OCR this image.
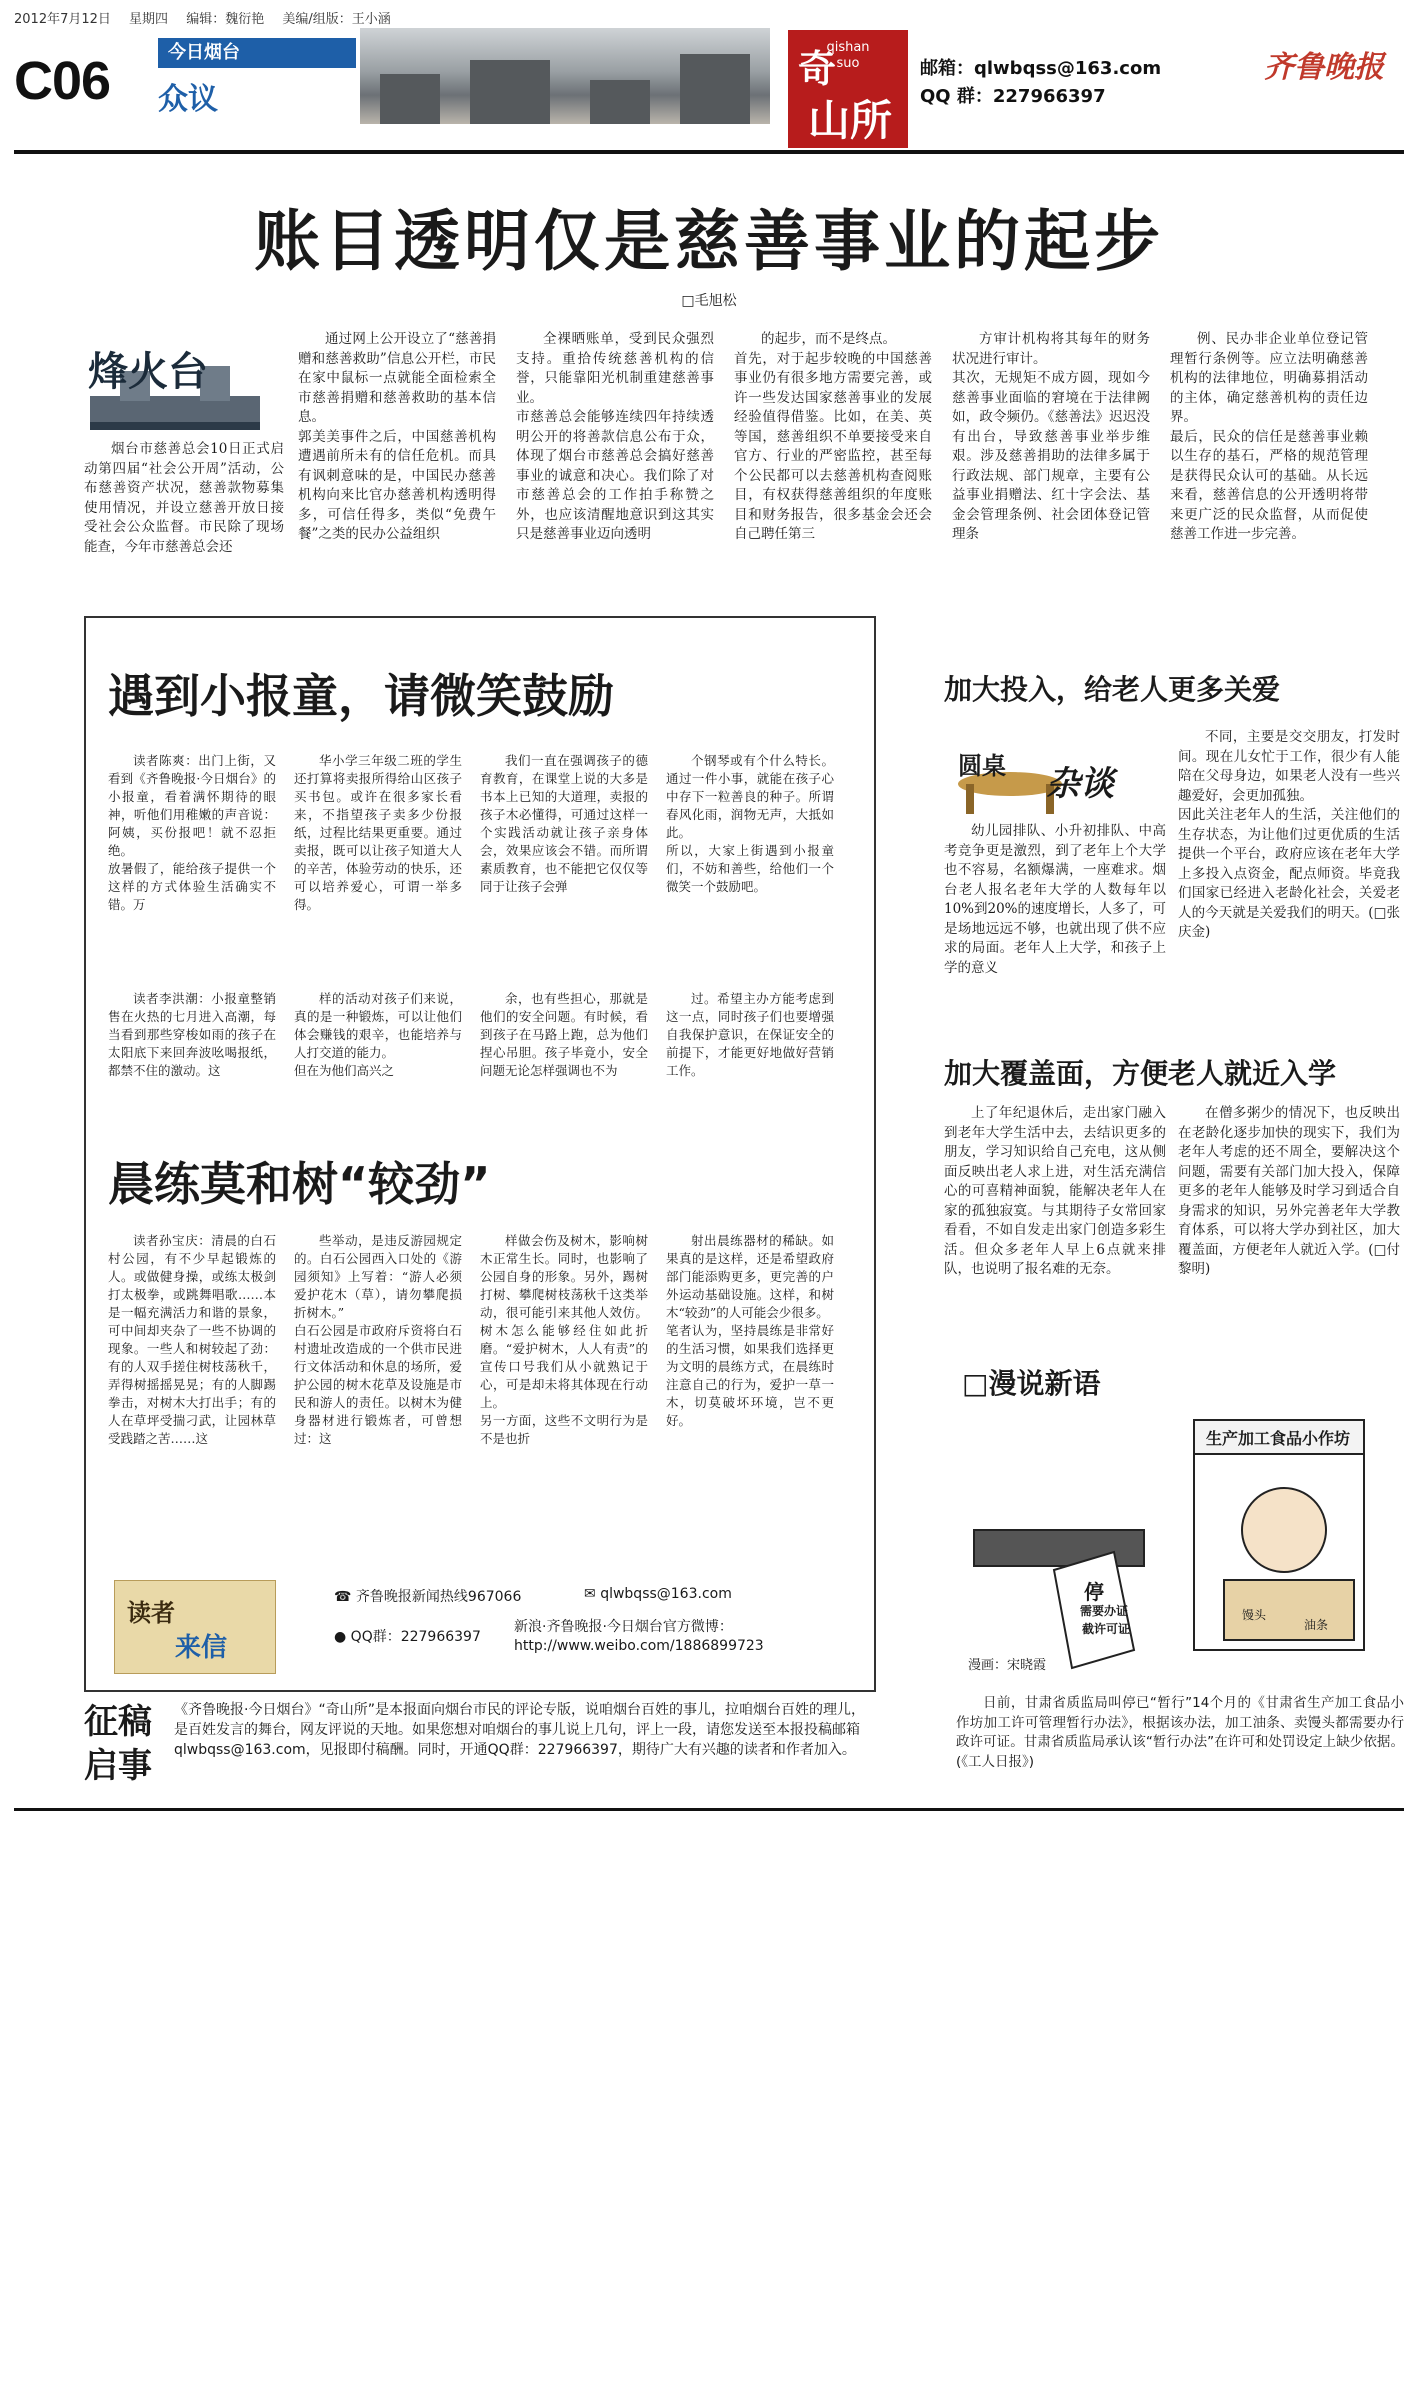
2012年7月12日 星期四 编辑：魏衍艳 美编/组版：王小涵
C06	今日烟台
众议
qishan
suo
奇
山所
邮箱：qlwbqss@163.com
QQ 群：227966397
齐鲁晚报
账目透明仅是慈善事业的起步
□毛旭松
烽火台

烟台市慈善总会10日正式启动第四届“社会公开周”活动，公布慈善资产状况，慈善款物募集使用情况，并设立慈善开放日接受社会公众监督。市民除了现场能查，今年市慈善总会还

通过网上公开设立了“慈善捐赠和慈善救助”信息公开栏，市民在家中鼠标一点就能全面检索全市慈善捐赠和慈善救助的基本信息。
郭美美事件之后，中国慈善机构遭遇前所未有的信任危机。而具有讽刺意味的是，中国民办慈善机构向来比官办慈善机构透明得多，可信任得多，类似“免费午餐”之类的民办公益组织

全裸晒账单，受到民众强烈支持。重拾传统慈善机构的信誉，只能靠阳光机制重建慈善事业。
市慈善总会能够连续四年持续透明公开的将善款信息公布于众，体现了烟台市慈善总会搞好慈善事业的诚意和决心。我们除了对市慈善总会的工作拍手称赞之外，也应该清醒地意识到这其实只是慈善事业迈向透明

的起步，而不是终点。
首先，对于起步较晚的中国慈善事业仍有很多地方需要完善，或许一些发达国家慈善事业的发展经验值得借鉴。比如，在美、英等国，慈善组织不单要接受来自官方、行业的严密监控，甚至每个公民都可以去慈善机构查阅账目，有权获得慈善组织的年度账目和财务报告，很多基金会还会自己聘任第三

方审计机构将其每年的财务状况进行审计。
其次，无规矩不成方圆，现如今慈善事业面临的窘境在于法律阙如，政令频仍。《慈善法》迟迟没有出台，导致慈善事业举步维艰。涉及慈善捐助的法律多属于行政法规、部门规章，主要有公益事业捐赠法、红十字会法、基金会管理条例、社会团体登记管理条

例、民办非企业单位登记管理暂行条例等。应立法明确慈善机构的法律地位，明确募捐活动的主体，确定慈善机构的责任边界。
最后，民众的信任是慈善事业赖以生存的基石，严格的规范管理是获得民众认可的基础。从长远来看，慈善信息的公开透明将带来更广泛的民众监督，从而促使慈善工作进一步完善。

遇到小报童，请微笑鼓励

读者陈爽：出门上街，又看到《齐鲁晚报·今日烟台》的小报童，看着满怀期待的眼神，听他们用稚嫩的声音说：阿姨，买份报吧！就不忍拒绝。
放暑假了，能给孩子提供一个这样的方式体验生活确实不错。万

华小学三年级二班的学生还打算将卖报所得给山区孩子买书包。或许在很多家长看来，不指望孩子卖多少份报纸，过程比结果更重要。通过卖报，既可以让孩子知道大人的辛苦，体验劳动的快乐，还可以培养爱心，可谓一举多得。

我们一直在强调孩子的德育教育，在课堂上说的大多是书本上已知的大道理，卖报的孩子木必懂得，可通过这样一个实践活动就让孩子亲身体会，效果应该会不错。而所谓素质教育，也不能把它仅仅等同于让孩子会弹

个钢琴或有个什么特长。通过一件小事，就能在孩子心中存下一粒善良的种子。所谓春风化雨，润物无声，大抵如此。
所以，大家上街遇到小报童们，不妨和善些，给他们一个微笑一个鼓励吧。

读者李洪潮：小报童整销售在火热的七月进入高潮，每当看到那些穿梭如雨的孩子在太阳底下来回奔波吆喝报纸，都禁不住的激动。这

样的活动对孩子们来说，真的是一种锻炼，可以让他们体会赚钱的艰辛，也能培养与人打交道的能力。
但在为他们高兴之

余，也有些担心，那就是他们的安全问题。有时候，看到孩子在马路上跑，总为他们捏心吊胆。孩子毕竟小，安全问题无论怎样强调也不为

过。希望主办方能考虑到这一点，同时孩子们也要增强自我保护意识，在保证安全的前提下，才能更好地做好营销工作。

晨练莫和树“较劲”

读者孙宝庆：清晨的白石村公园，有不少早起锻炼的人。或做健身操，或练太极剑打太极拳，或跳舞唱歌……本是一幅充满活力和谐的景象，可中间却夹杂了一些不协调的现象。一些人和树较起了劲：有的人双手搓住树枝荡秋千，弄得树摇摇晃晃；有的人脚踢拳击，对树木大打出手；有的人在草坪受揣刁武，让园林草受践踏之苦……这

些举动，是违反游园规定的。白石公园西入口处的《游园须知》上写着：“游人必须爱护花木（草），请勿攀爬损折树木。”
白石公园是市政府斥资将白石村遗址改造成的一个供市民进行文体活动和休息的场所，爱护公园的树木花草及设施是市民和游人的责任。以树木为健身器材进行锻炼者，可曾想过：这

样做会伤及树木，影响树木正常生长。同时，也影响了公园自身的形象。另外，踢树打树、攀爬树枝荡秋千这类举动，很可能引来其他人效仿。树木怎么能够经住如此折磨。“爱护树木，人人有责”的宣传口号我们从小就熟记于心，可是却未将其体现在行动上。
另一方面，这些不文明行为是不是也折

射出晨练器材的稀缺。如果真的是这样，还是希望政府部门能添购更多，更完善的户外运动基础设施。这样，和树木“较劲”的人可能会少很多。
笔者认为，坚持晨练是非常好的生活习惯，如果我们选择更为文明的晨练方式，在晨练时注意自己的行为，爱护一草一木，切莫破坏环境，岂不更好。

读者
来信
☎ 齐鲁晚报新闻热线967066	✉ qlwbqss@163.com
● QQ群：227966397
新浪·齐鲁晚报·今日烟台官方微博：
http://www.weibo.com/1886899723
加大投入，给老人更多关爱
圆桌 杂谈

幼儿园排队、小升初排队、中高考竞争更是激烈，到了老年上个大学也不容易，名额爆满，一座难求。烟台老人报名老年大学的人数每年以10%到20%的速度增长，人多了，可是场地远远不够，也就出现了供不应求的局面。老年人上大学，和孩子上学的意义

不同，主要是交交朋友，打发时间。现在儿女忙于工作，很少有人能陪在父母身边，如果老人没有一些兴趣爱好，会更加孤独。
因此关注老年人的生活，关注他们的生存状态，为让他们过更优质的生活提供一个平台，政府应该在老年大学上多投入点资金，配点师资。毕竟我们国家已经进入老龄化社会，关爱老人的今天就是关爱我们的明天。(□张庆金)

加大覆盖面，方便老人就近入学

上了年纪退休后，走出家门融入到老年大学生活中去，去结识更多的朋友，学习知识给自己充电，这从侧面反映出老人求上进，对生活充满信心的可喜精神面貌，能解决老年人在家的孤独寂寞。与其期待子女常回家看看，不如自发走出家门创造多彩生活。但众多老年人早上6点就来排队，也说明了报名难的无奈。

在僧多粥少的情况下，也反映出在老龄化逐步加快的现实下，我们为老年人考虑的还不周全，要解决这个问题，需要有关部门加大投入，保障更多的老年人能够及时学习到适合自身需求的知识，另外完善老年大学教育体系，可以将大学办到社区，加大覆盖面，方便老年人就近入学。(□付黎明)

□漫说新语
生产加工食品小作坊
停
需要办证
截许可证
馒头
油条
漫画：宋晓霞

日前，甘肃省质监局叫停已“暂行”14个月的《甘肃省生产加工食品小作坊加工许可管理暂行办法》，根据该办法，加工油条、卖馒头都需要办行政许可证。甘肃省质监局承认该“暂行办法”在许可和处罚设定上缺少依据。(《工人日报》)

征稿
启事
《齐鲁晚报·今日烟台》“奇山所”是本报面向烟台市民的评论专版，说咱烟台百姓的事儿，拉咱烟台百姓的理儿，是百姓发言的舞台，网友评说的天地。如果您想对咱烟台的事儿说上几句，评上一段，请您发送至本报投稿邮箱qlwbqss@163.com，见报即付稿酬。同时，开通QQ群：227966397，期待广大有兴趣的读者和作者加入。
